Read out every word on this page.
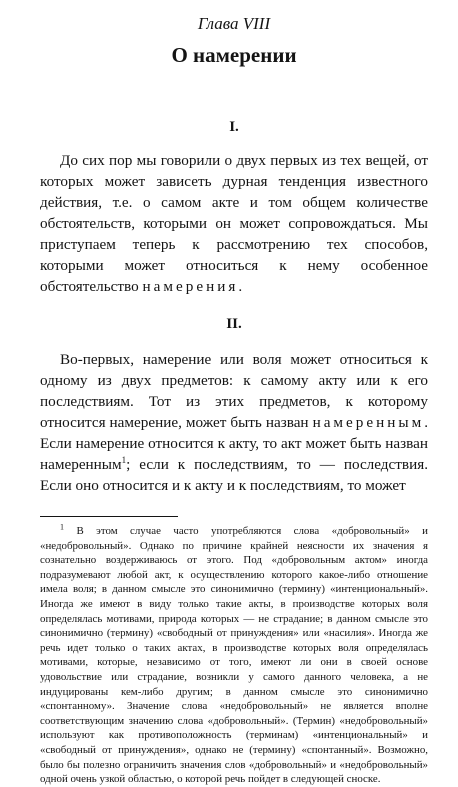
Глава VIII

О намерении
I.

До сих пор мы говорили о двух первых из тех вещей, от которых может зависеть дурная тенденция известного действия, т.е. о самом акте и том общем количестве обстоятельств, которыми он может сопровождаться. Мы приступаем теперь к рассмотрению тех способов, которыми может относиться к нему особенное обстоятельство намерения.

II.

Во-первых, намерение или воля может относиться к одному из двух предметов: к самому акту или к его последствиям. Тот из этих предметов, к которому относится намерение, может быть назван намеренным. Если намерение относится к акту, то акт может быть назван намеренным$^1$; если к последствиям, то — последствия. Если оно относится и к акту и к последствиям, то может

$^1$ В этом случае часто употребляются слова «добровольный» и «недобровольный». Однако по причине крайней неясности их значения я сознательно воздерживаюсь от этого. Под «добровольным актом» иногда подразумевают любой акт, к осуществлению которого какое-либо отношение имела воля; в данном смысле это синонимично (термину) «интенциональный». Иногда же имеют в виду только такие акты, в производстве которых воля определялась мотивами, природа которых — не страдание; в данном смысле это синонимично (термину) «свободный от принуждения» или «насилия». Иногда же речь идет только о таких актах, в производстве которых воля определялась мотивами, которые, независимо от того, имеют ли они в своей основе удовольствие или страдание, возникли у самого данного человека, а не индуцированы кем-либо другим; в данном смысле это синонимично «спонтанному». Значение слова «недобровольный» не является вполне соответствующим значению слова «добровольный». (Термин) «недобровольный» используют как противоположность (терминам) «интенциональный» и «свободный от принуждения», однако не (термину) «спонтанный». Возможно, было бы полезно ограничить значения слов «добровольный» и «недобровольный» одной очень узкой областью, о которой речь пойдет в следующей сноске.
